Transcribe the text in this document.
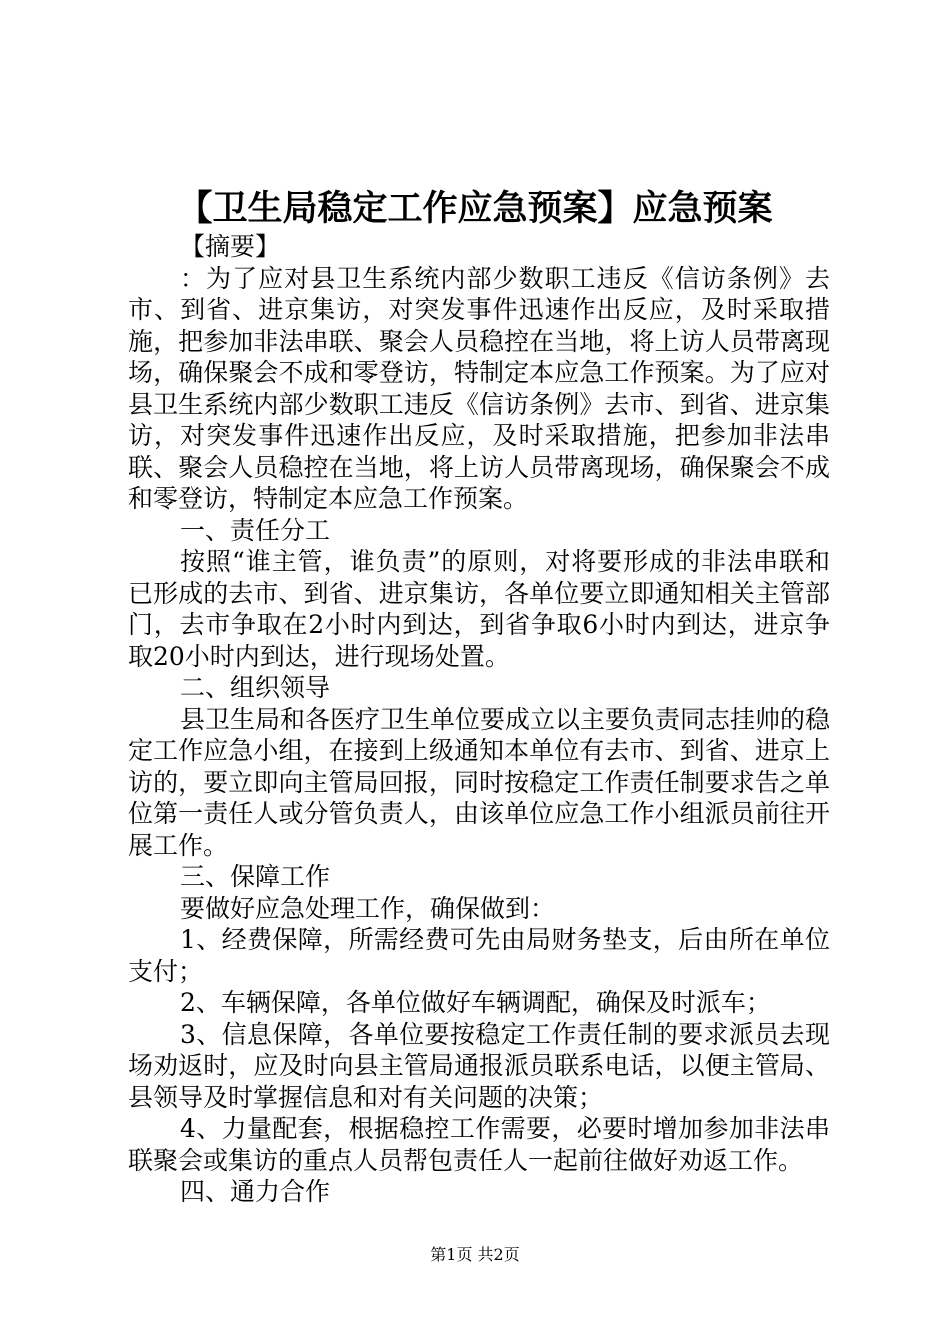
【卫生局稳定工作应急预案】应急预案

【摘要】

：为了应对县卫生系统内部少数职工违反《信访条例》去市、到省、进京集访，对突发事件迅速作出反应，及时采取措施，把参加非法串联、聚会人员稳控在当地，将上访人员带离现场，确保聚会不成和零登访，特制定本应急工作预案。为了应对县卫生系统内部少数职工违反《信访条例》去市、到省、进京集访，对突发事件迅速作出反应，及时采取措施，把参加非法串联、聚会人员稳控在当地，将上访人员带离现场，确保聚会不成和零登访，特制定本应急工作预案。

一、责任分工

按照“谁主管，谁负责”的原则，对将要形成的非法串联和已形成的去市、到省、进京集访，各单位要立即通知相关主管部门，去市争取在2小时内到达，到省争取6小时内到达，进京争取20小时内到达，进行现场处置。

二、组织领导

县卫生局和各医疗卫生单位要成立以主要负责同志挂帅的稳定工作应急小组，在接到上级通知本单位有去市、到省、进京上访的，要立即向主管局回报，同时按稳定工作责任制要求告之单位第一责任人或分管负责人，由该单位应急工作小组派员前往开展工作。

三、保障工作

要做好应急处理工作，确保做到：

1、经费保障，所需经费可先由局财务垫支，后由所在单位支付；

2、车辆保障，各单位做好车辆调配，确保及时派车；

3、信息保障，各单位要按稳定工作责任制的要求派员去现场劝返时，应及时向县主管局通报派员联系电话，以便主管局、县领导及时掌握信息和对有关问题的决策；

4、力量配套，根据稳控工作需要，必要时增加参加非法串联聚会或集访的重点人员帮包责任人一起前往做好劝返工作。

四、通力合作

第1页 共2页
